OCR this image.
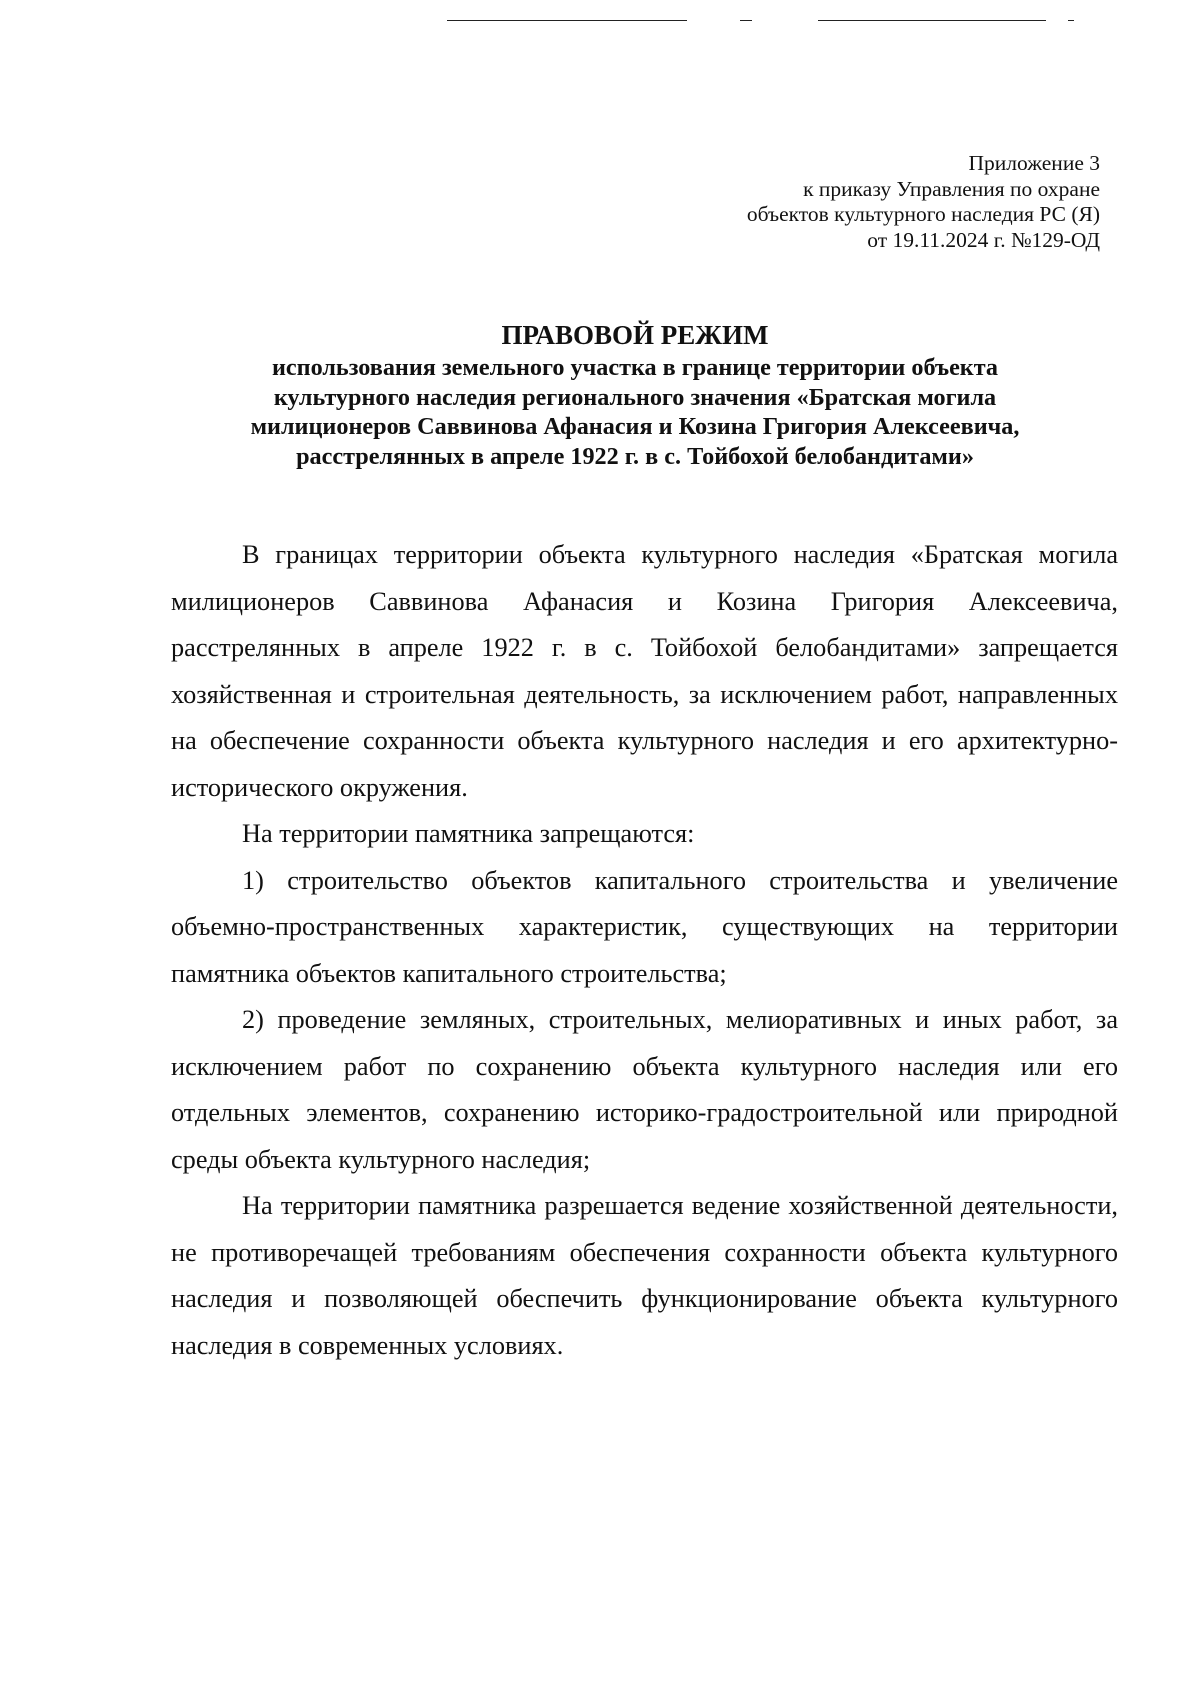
Приложение 3
к приказу Управления по охране
объектов культурного наследия РС (Я)
от 19.11.2024 г. №129-ОД

ПРАВОВОЙ РЕЖИМ

использования земельного участка в границе территории объекта
культурного наследия регионального значения «Братская могила
милиционеров Саввинова Афанасия и Козина Григория Алексеевича,
расстрелянных в апреле 1922 г. в с. Тойбохой белобандитами»

В границах территории объекта культурного наследия «Братская могила милиционеров Саввинова Афанасия и Козина Григория Алексеевича, расстрелянных в апреле 1922 г. в с. Тойбохой белобандитами» запрещается хозяйственная и строительная деятельность, за исключением работ, направленных на обеспечение сохранности объекта культурного наследия и его архитектурно-исторического окружения.

На территории памятника запрещаются:

1) строительство объектов капитального строительства и увеличение объемно-пространственных характеристик, существующих на территории памятника объектов капитального строительства;

2) проведение земляных, строительных, мелиоративных и иных работ, за исключением работ по сохранению объекта культурного наследия или его отдельных элементов, сохранению историко-градостроительной или природной среды объекта культурного наследия;

На территории памятника разрешается ведение хозяйственной деятельности, не противоречащей требованиям обеспечения сохранности объекта культурного наследия и позволяющей обеспечить функционирование объекта культурного наследия в современных условиях.
